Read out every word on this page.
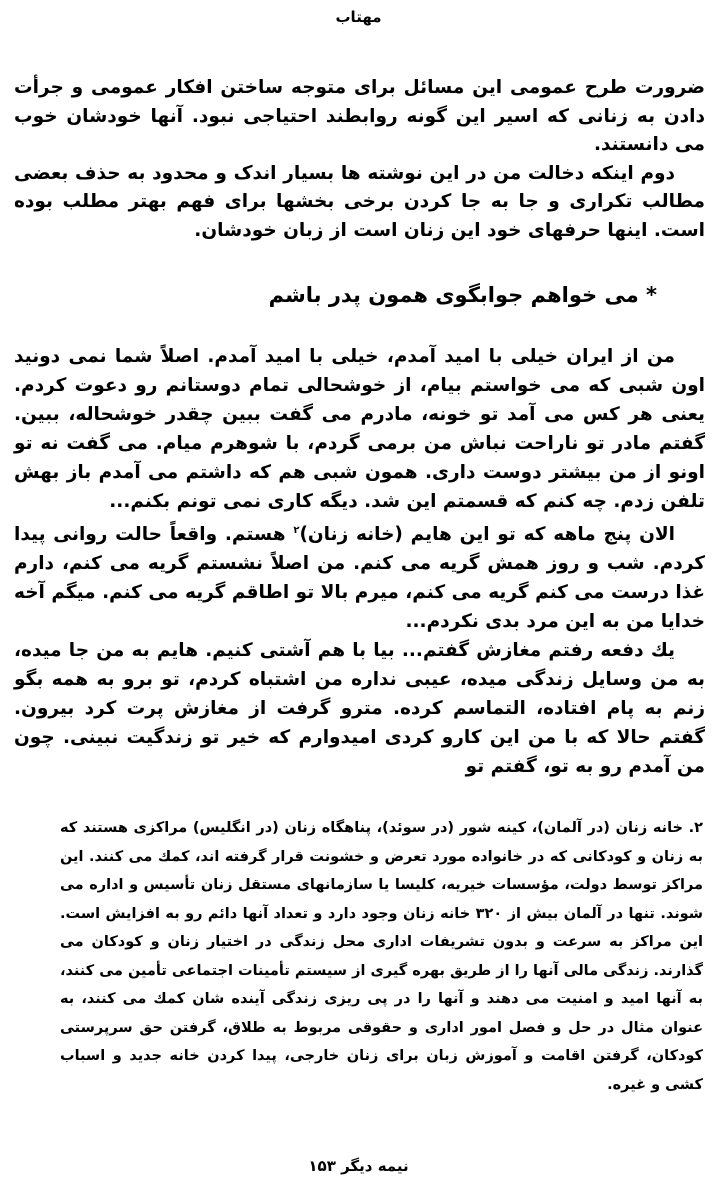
مهتاب

ضرورت طرح عمومی این مسائل برای متوجه ساختن افکار عمومی و جرأت دادن به زنانی که اسیر این گونه روابطند احتیاجی نبود. آنها خودشان خوب می دانستند.

دوم اینکه دخالت من در این نوشته ها بسیار اندک و محدود به حذف بعضی مطالب تکراری و جا به جا کردن برخی بخشها برای فهم بهتر مطلب بوده است. اینها حرفهای خود این زنان است از زبان خودشان.

* می خواهم جوابگوی همون پدر باشم

من از ایران خیلی با امید آمدم، خیلی با امید آمدم. اصلاً شما نمی دونید اون شبی که می خواستم بیام، از خوشحالی تمام دوستانم رو دعوت کردم. یعنی هر کس می آمد تو خونه، مادرم می گفت ببین چقدر خوشحاله، ببین. گفتم مادر تو ناراحت نباش من برمی گردم، با شوهرم میام. می گفت نه تو اونو از من بیشتر دوست داری. همون شبی هم که داشتم می آمدم باز بهش تلفن زدم. چه کنم که قسمتم این شد. دیگه کاری نمی تونم بکنم...

الان پنج ماهه که تو این هایم (خانه زنان)$^۲$ هستم. واقعاً حالت روانی پیدا کردم. شب و روز همش گریه می کنم. من اصلاً نشستم گریه می کنم، دارم غذا درست می کنم گریه می کنم، میرم بالا تو اطاقم گریه می کنم. میگم آخه خدایا من به این مرد بدی نکردم...

یك دفعه رفتم مغازش گفتم... بیا با هم آشتی کنیم. هایم به من جا میده، به من وسایل زندگی میده، عیبی نداره من اشتباه کردم، تو برو به همه بگو زنم به پام افتاده، التماسم کرده. مترو گرفت از مغازش پرت کرد بیرون. گفتم حالا که با من این کارو کردی امیدوارم که خیر تو زندگیت نبینی. چون من آمدم رو به تو، گفتم تو

۲. خانه زنان (در آلمان)، کینه شور (در سوئد)، پناهگاه زنان (در انگلیس) مراکزی هستند که به زنان و کودکانی که در خانواده مورد تعرض و خشونت قرار گرفته اند، کمك می کنند. این مراکز توسط دولت، مؤسسات خیریه، کلیسا یا سازمانهای مستقل زنان تأسیس و اداره می شوند. تنها در آلمان بیش از ۳۲۰ خانه زنان وجود دارد و تعداد آنها دائم رو به افزایش است. این مراکز به سرعت و بدون تشریفات اداری محل زندگی در اختیار زنان و کودکان می گذارند. زندگی مالی آنها را از طریق بهره گیری از سیستم تأمینات اجتماعی تأمین می کنند، به آنها امید و امنیت می دهند و آنها را در پی ریزی زندگی آینده شان کمك می کنند، به عنوان مثال در حل و فصل امور اداری و حقوقی مربوط به طلاق، گرفتن حق سرپرستی کودکان، گرفتن اقامت و آموزش زبان برای زنان خارجی، پیدا کردن خانه جدید و اسباب کشی و غیره.

نیمه دیگر ۱۵۳
